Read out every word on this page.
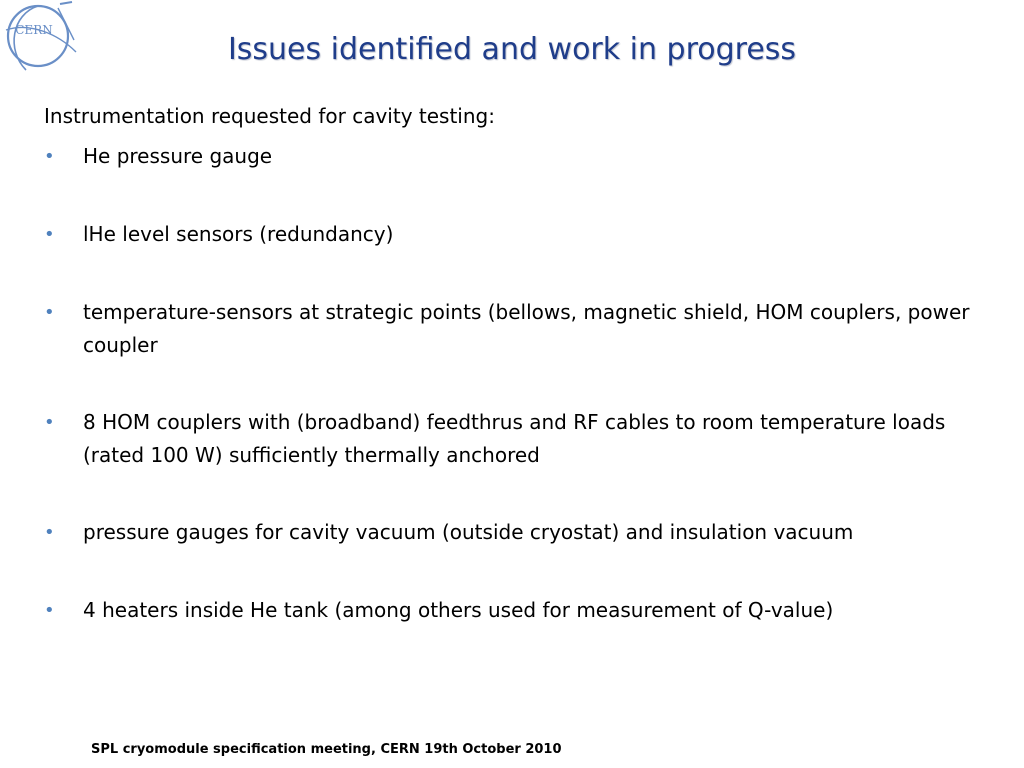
CERN
Issues identified and work in progress
Instrumentation requested for cavity testing:
• He pressure gauge
• lHe level sensors (redundancy)
• temperature-sensors at strategic points (bellows, magnetic shield, HOM couplers, power coupler
• 8 HOM couplers with (broadband) feedthrus and RF cables to room temperature loads (rated 100 W) sufficiently thermally anchored
• pressure gauges for cavity vacuum (outside cryostat) and insulation vacuum
• 4 heaters inside He tank (among others used for measurement of Q-value)
SPL cryomodule specification meeting, CERN 19th October 2010
